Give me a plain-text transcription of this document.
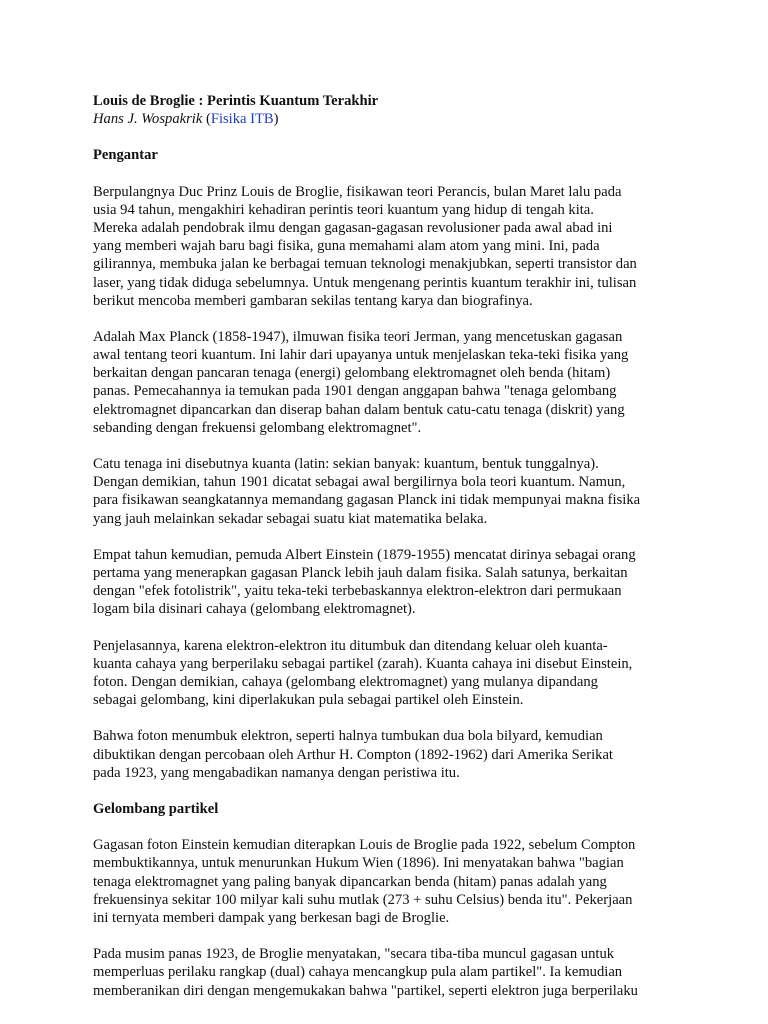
Louis de Broglie : Perintis Kuantum Terakhir
Hans J. Wospakrik (Fisika ITB)
Pengantar
Berpulangnya Duc Prinz Louis de Broglie, fisikawan teori Perancis, bulan Maret lalu pada
usia 94 tahun, mengakhiri kehadiran perintis teori kuantum yang hidup di tengah kita.
Mereka adalah pendobrak ilmu dengan gagasan-gagasan revolusioner pada awal abad ini
yang memberi wajah baru bagi fisika, guna memahami alam atom yang mini. Ini, pada
gilirannya, membuka jalan ke berbagai temuan teknologi menakjubkan, seperti transistor dan
laser, yang tidak diduga sebelumnya. Untuk mengenang perintis kuantum terakhir ini, tulisan
berikut mencoba memberi gambaran sekilas tentang karya dan biografinya.
Adalah Max Planck (1858-1947), ilmuwan fisika teori Jerman, yang mencetuskan gagasan
awal tentang teori kuantum. Ini lahir dari upayanya untuk menjelaskan teka-teki fisika yang
berkaitan dengan pancaran tenaga (energi) gelombang elektromagnet oleh benda (hitam)
panas. Pemecahannya ia temukan pada 1901 dengan anggapan bahwa "tenaga gelombang
elektromagnet dipancarkan dan diserap bahan dalam bentuk catu-catu tenaga (diskrit) yang
sebanding dengan frekuensi gelombang elektromagnet".
Catu tenaga ini disebutnya kuanta (latin: sekian banyak: kuantum, bentuk tunggalnya).
Dengan demikian, tahun 1901 dicatat sebagai awal bergilirnya bola teori kuantum. Namun,
para fisikawan seangkatannya memandang gagasan Planck ini tidak mempunyai makna fisika
yang jauh melainkan sekadar sebagai suatu kiat matematika belaka.
Empat tahun kemudian, pemuda Albert Einstein (1879-1955) mencatat dirinya sebagai orang
pertama yang menerapkan gagasan Planck lebih jauh dalam fisika. Salah satunya, berkaitan
dengan "efek fotolistrik", yaitu teka-teki terbebaskannya elektron-elektron dari permukaan
logam bila disinari cahaya (gelombang elektromagnet).
Penjelasannya, karena elektron-elektron itu ditumbuk dan ditendang keluar oleh kuanta-
kuanta cahaya yang berperilaku sebagai partikel (zarah). Kuanta cahaya ini disebut Einstein,
foton. Dengan demikian, cahaya (gelombang elektromagnet) yang mulanya dipandang
sebagai gelombang, kini diperlakukan pula sebagai partikel oleh Einstein.
Bahwa foton menumbuk elektron, seperti halnya tumbukan dua bola bilyard, kemudian
dibuktikan dengan percobaan oleh Arthur H. Compton (1892-1962) dari Amerika Serikat
pada 1923, yang mengabadikan namanya dengan peristiwa itu.
Gelombang partikel
Gagasan foton Einstein kemudian diterapkan Louis de Broglie pada 1922, sebelum Compton
membuktikannya, untuk menurunkan Hukum Wien (1896). Ini menyatakan bahwa "bagian
tenaga elektromagnet yang paling banyak dipancarkan benda (hitam) panas adalah yang
frekuensinya sekitar 100 milyar kali suhu mutlak (273 + suhu Celsius) benda itu". Pekerjaan
ini ternyata memberi dampak yang berkesan bagi de Broglie.
Pada musim panas 1923, de Broglie menyatakan, "secara tiba-tiba muncul gagasan untuk
memperluas perilaku rangkap (dual) cahaya mencangkup pula alam partikel". Ia kemudian
memberanikan diri dengan mengemukakan bahwa "partikel, seperti elektron juga berperilaku
